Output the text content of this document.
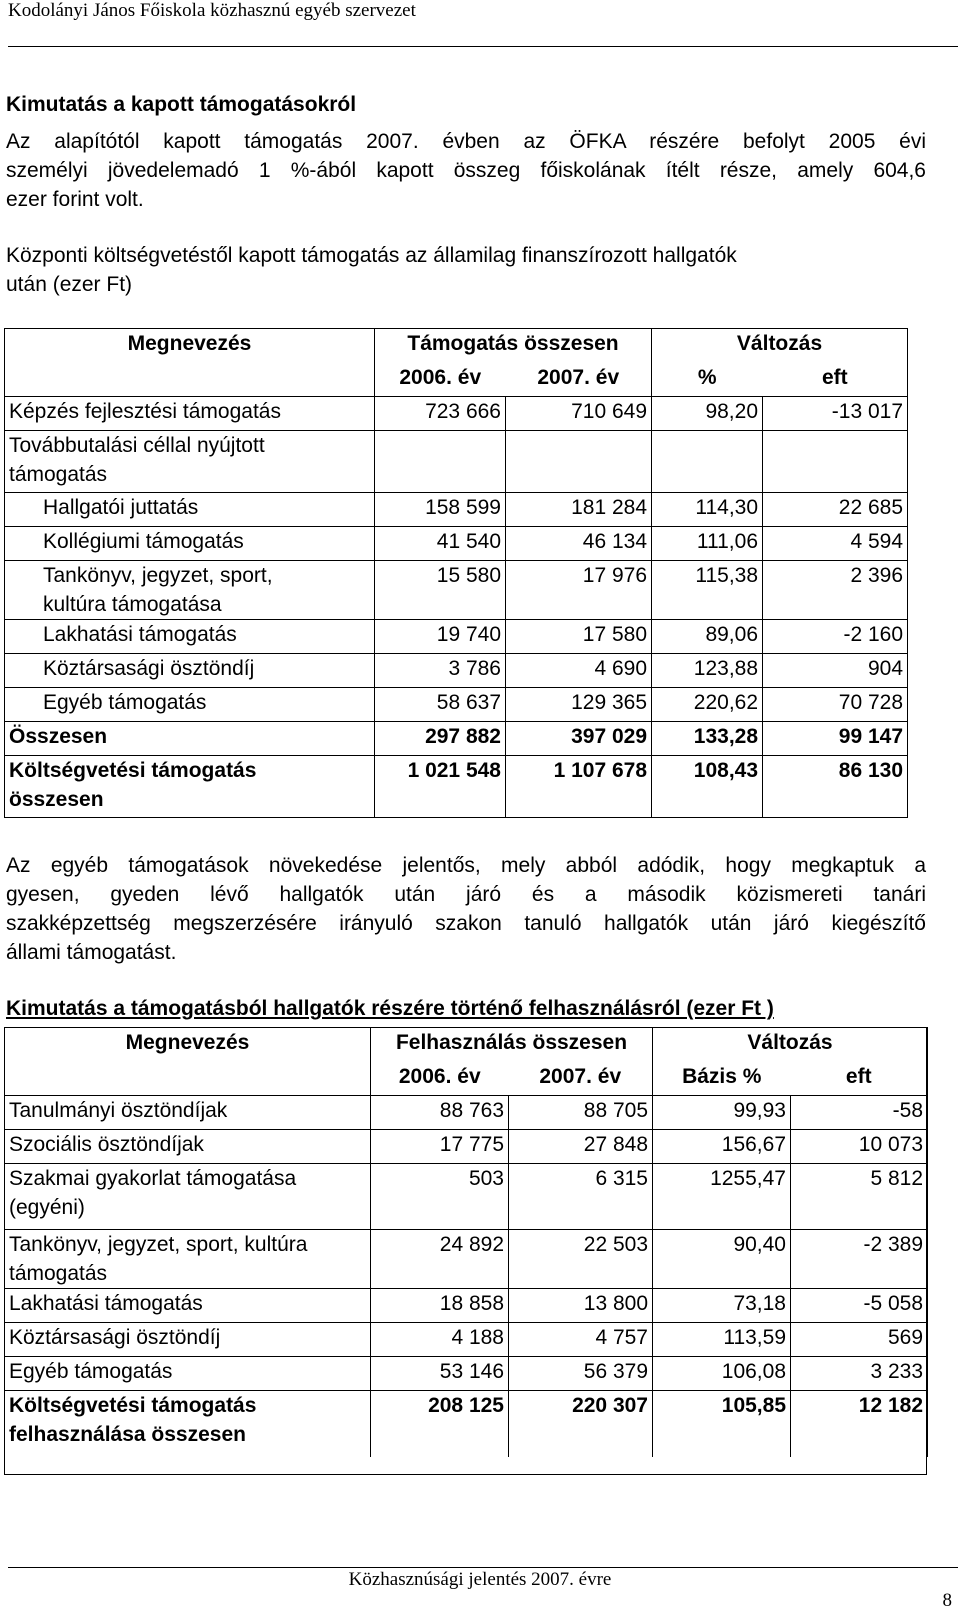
Kodolányi János Főiskola közhasznú egyéb szervezet
Kimutatás a kapott támogatásokról
Az alapítótól kapott támogatás 2007. évben az ÖFKA részére befolyt 2005 évi
személyi jövedelemadó 1 %-ából kapott összeg főiskolának ítélt része, amely 604,6
ezer forint volt.
Központi költségvetéstől kapott támogatás az államilag finanszírozott hallgatók
után (ezer Ft)
Megnevezés	Támogatás összesen		Változás	
	2006. év	2007. év	%	eft
Képzés fejlesztési támogatás	723 666	710 649	98,20	-13 017
Továbbutalási céllal nyújtott támogatás				
Hallgatói juttatás	158 599	181 284	114,30	22 685
Kollégiumi támogatás	41 540	46 134	111,06	4 594
Tankönyv, jegyzet, sport, kultúra támogatása	15 580	17 976	115,38	2 396
Lakhatási támogatás	19 740	17 580	89,06	-2 160
Köztársasági ösztöndíj	3 786	4 690	123,88	904
Egyéb támogatás	58 637	129 365	220,62	70 728
Összesen	297 882	397 029	133,28	99 147
Költségvetési támogatás összesen	1 021 548	1 107 678	108,43	86 130
Az egyéb támogatások növekedése jelentős, mely abból adódik, hogy megkaptuk a
gyesen, gyeden lévő hallgatók után járó és a második közismereti tanári
szakképzettség megszerzésére irányuló szakon tanuló hallgatók után járó kiegészítő
állami támogatást.
Kimutatás a támogatásból hallgatók részére történő felhasználásról (ezer Ft )
Megnevezés	Felhasználás összesen		Változás	
	2006. év	2007. év	Bázis %	eft
Tanulmányi ösztöndíjak	88 763	88 705	99,93	-58
Szociális ösztöndíjak	17 775	27 848	156,67	10 073
Szakmai gyakorlat támogatása (egyéni)	503	6 315	1255,47	5 812
Tankönyv, jegyzet, sport, kultúra támogatás	24 892	22 503	90,40	-2 389
Lakhatási támogatás	18 858	13 800	73,18	-5 058
Köztársasági ösztöndíj	4 188	4 757	113,59	569
Egyéb támogatás	53 146	56 379	106,08	3 233
Költségvetési támogatás felhasználása összesen	208 125	220 307	105,85	12 182
Közhasznúsági jelentés 2007. évre
8
